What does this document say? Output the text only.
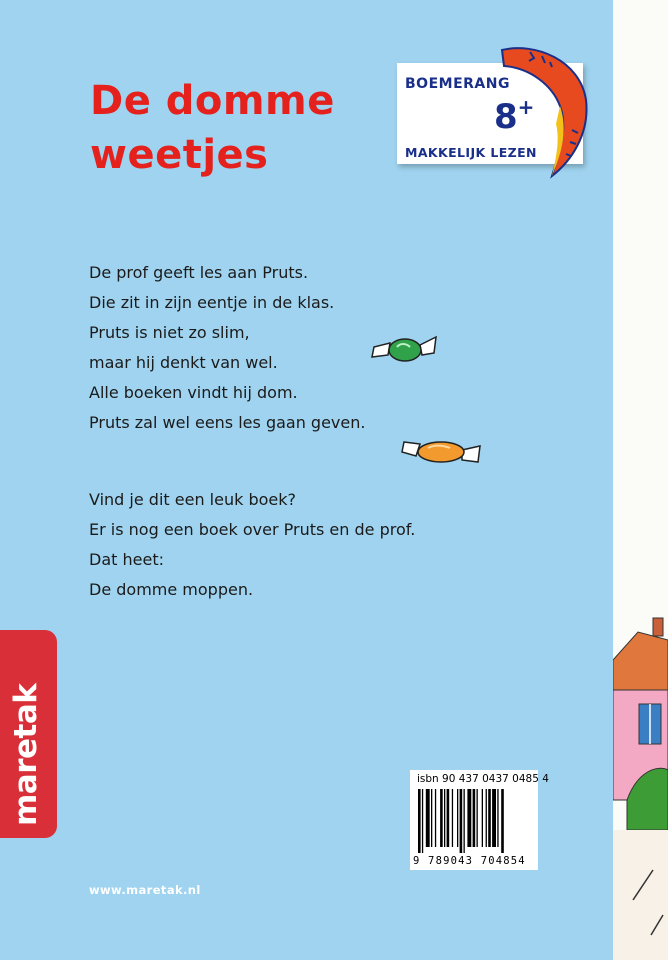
De domme
weetjes
BOEMERANG
8+
MAKKELIJK LEZEN
De prof geeft les aan Pruts.
Die zit in zijn eentje in de klas.
Pruts is niet zo slim,
maar hij denkt van wel.
Alle boeken vindt hij dom.
Pruts zal wel eens les gaan geven.
Vind je dit een leuk boek?
Er is nog een boek over Pruts en de prof.
Dat heet:
De domme moppen.
maretak	isbn 90 437 0437 0485 4
9 789043 704854
www.maretak.nl
